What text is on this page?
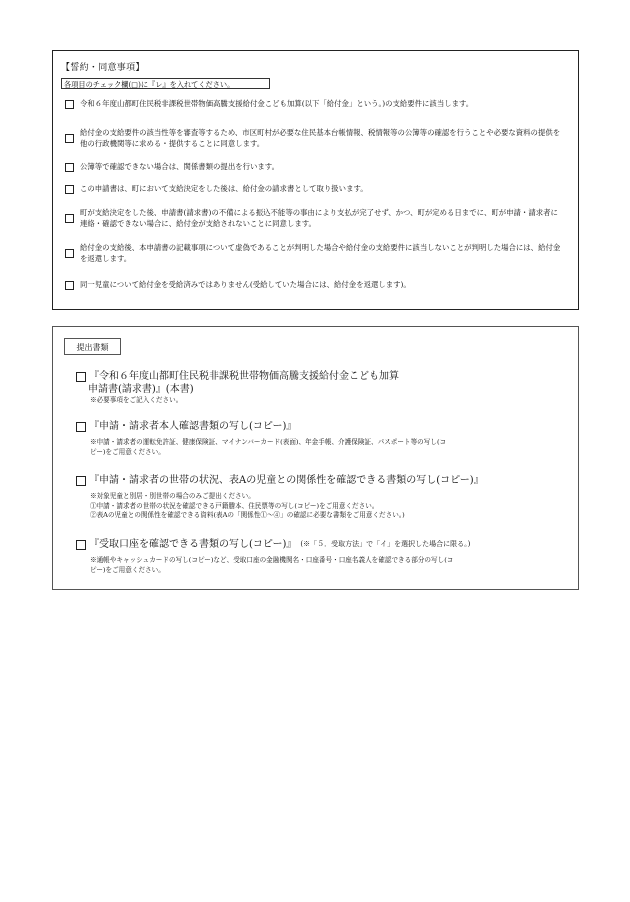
【誓約・同意事項】
各項目のチェック欄(□)に『レ』を入れてください。
令和６年度山都町住民税非課税世帯物価高騰支援給付金こども加算(以下「給付金」という。)の支給要件に該当します。
給付金の支給要件の該当性等を審査等するため、市区町村が必要な住民基本台帳情報、税情報等の公簿等の確認を行うことや必要な資料の提供を他の行政機関等に求める・提供することに同意します。
公簿等で確認できない場合は、関係書類の提出を行います。
この申請書は、町において支給決定をした後は、給付金の請求書として取り扱います。
町が支給決定をした後、申請書(請求書)の不備による振込不能等の事由により支払が完了せず、かつ、町が定める日までに、町が申請・請求者に連絡・確認できない場合に、給付金が支給されないことに同意します。
給付金の支給後、本申請書の記載事項について虚偽であることが判明した場合や給付金の支給要件に該当しないことが判明した場合には、給付金を返還します。
同一児童について給付金を受給済みではありません(受給していた場合には、給付金を返還します)。
提出書類
『令和６年度山都町住民税非課税世帯物価高騰支援給付金こども加算
申請書(請求書)』(本書)
※必要事項をご記入ください。
『申請・請求者本人確認書類の写し(コピー)』
※申請・請求者の運転免許証、健康保険証、マイナンバーカード(表面)、年金手帳、介護保険証、パスポート等の写し(コ
ピー)をご用意ください。
『申請・請求者の世帯の状況、表Aの児童との関係性を確認できる書類の写し(コピー)』
※対象児童と別居・別世帯の場合のみご提出ください。
①申請・請求者の世帯の状況を確認できる戸籍謄本、住民票等の写し(コピー)をご用意ください。
②表Aの児童との関係性を確認できる資料(表Aの「関係性①～④」の確認に必要な書類をご用意ください。)
『受取口座を確認できる書類の写し(コピー)』 (※「５．受取方法」で「イ」を選択した場合に限る。)
※通帳やキャッシュカードの写し(コピー)など、受取口座の金融機関名・口座番号・口座名義人を確認できる部分の写し(コ
ピー)をご用意ください。
